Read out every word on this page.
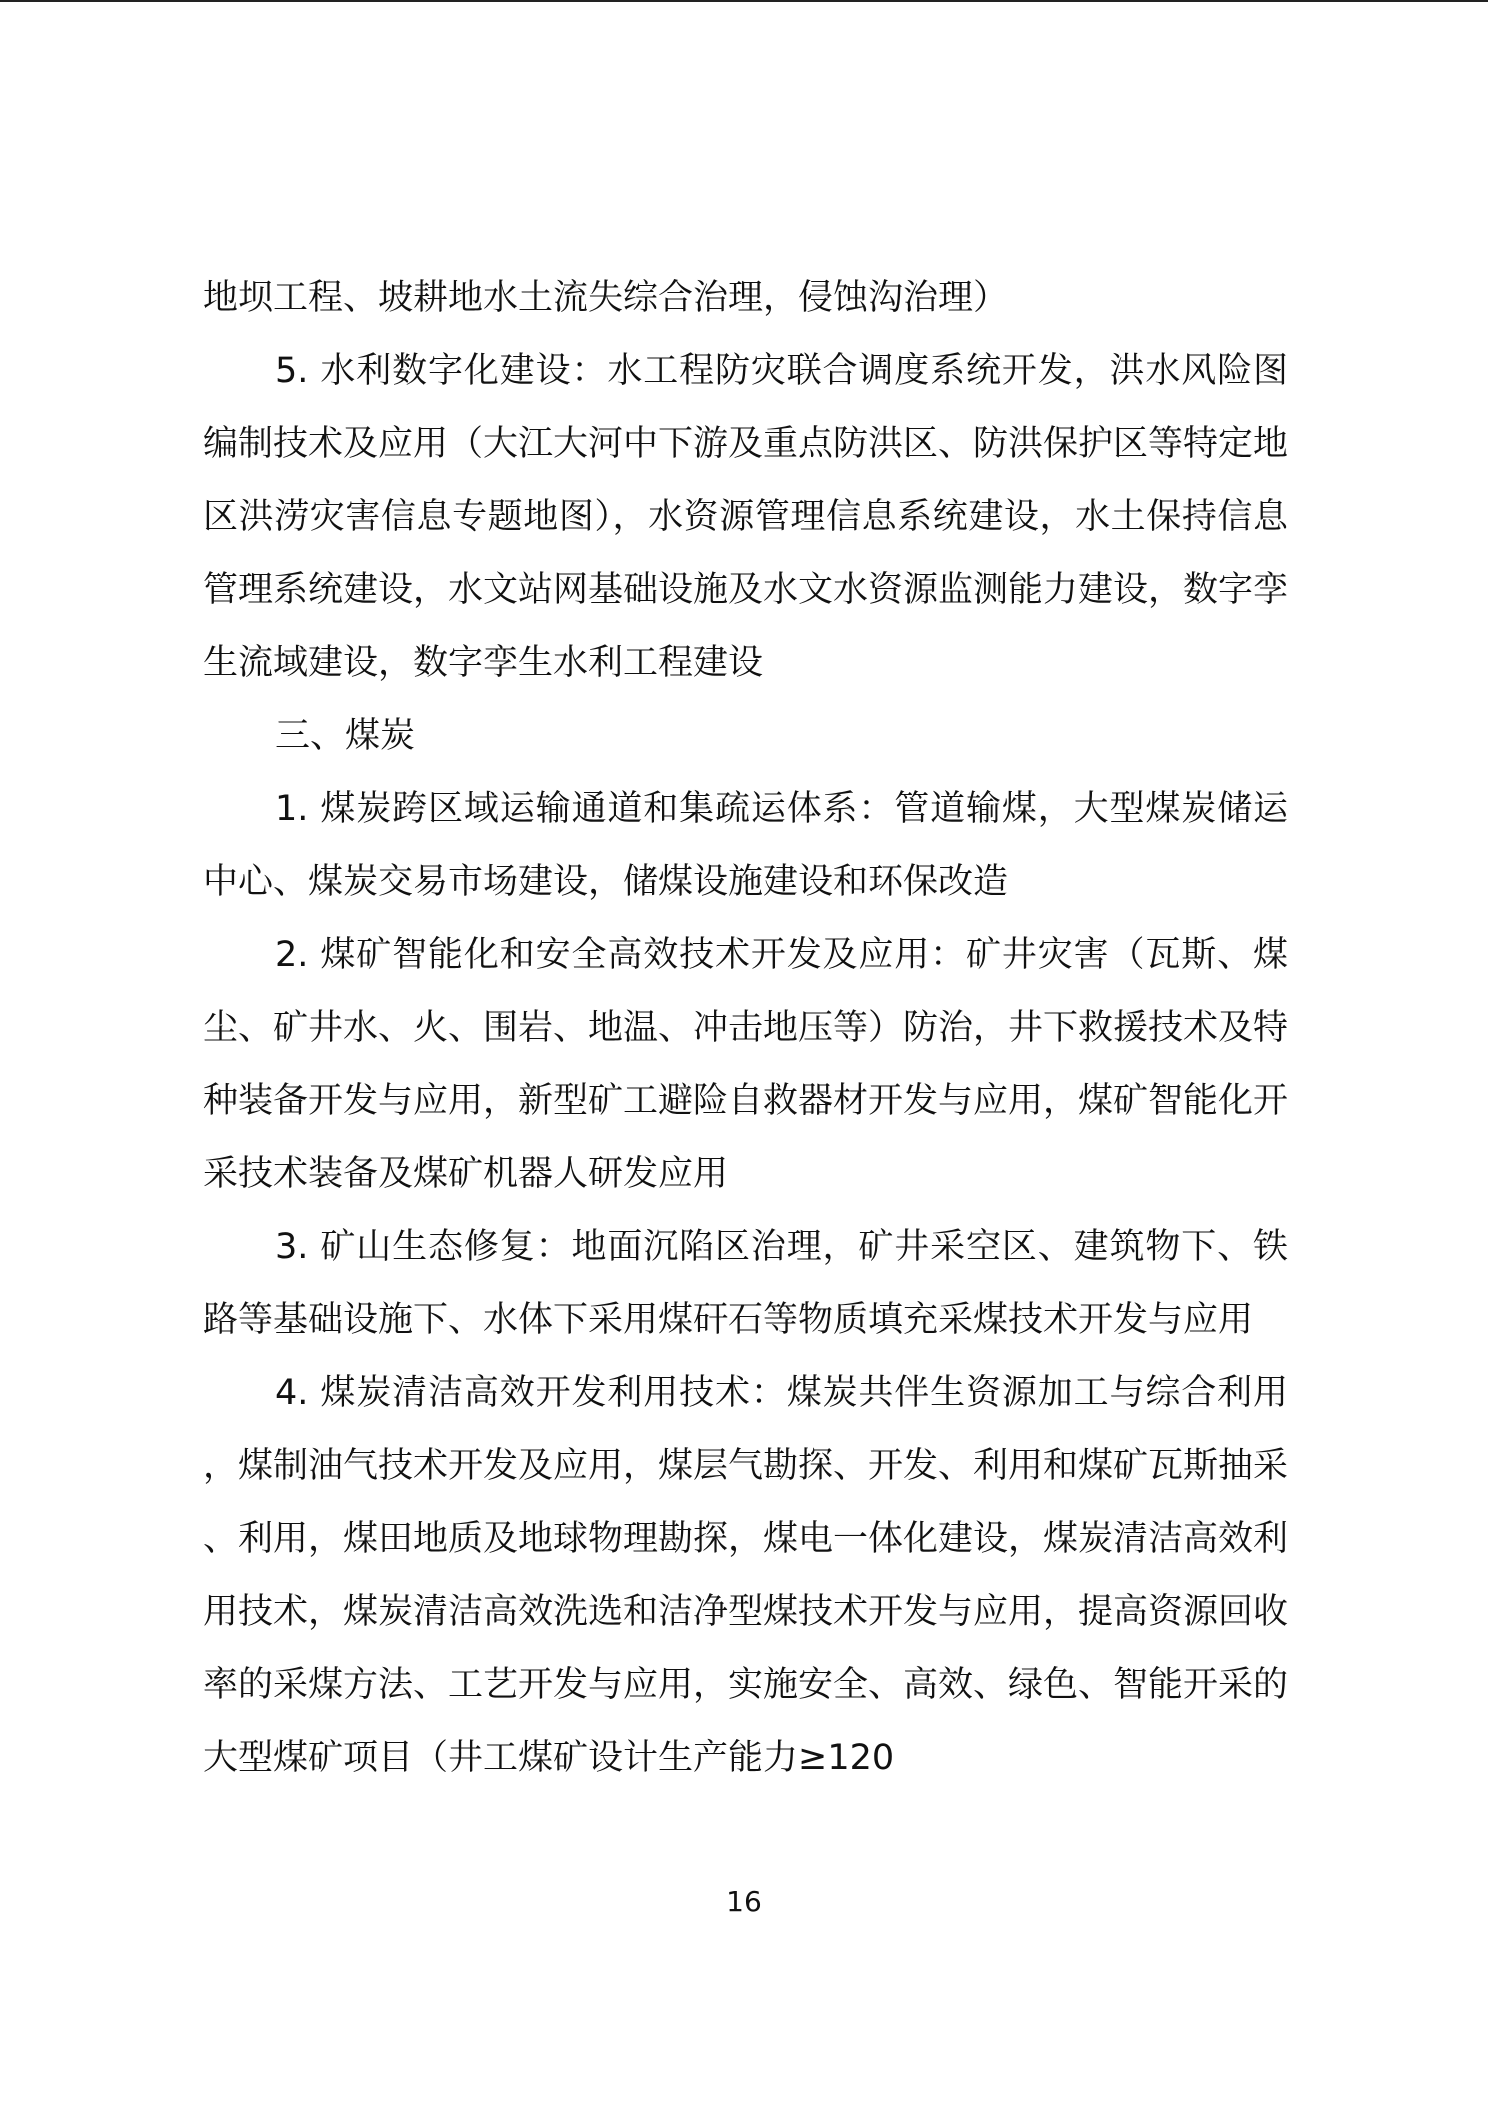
地坝工程、坡耕地水土流失综合治理，侵蚀沟治理）

5. 水利数字化建设：水工程防灾联合调度系统开发，洪水风险图编制技术及应用（大江大河中下游及重点防洪区、防洪保护区等特定地区洪涝灾害信息专题地图），水资源管理信息系统建设，水土保持信息管理系统建设，水文站网基础设施及水文水资源监测能力建设，数字孪生流域建设，数字孪生水利工程建设

三、煤炭

1. 煤炭跨区域运输通道和集疏运体系：管道输煤，大型煤炭储运中心、煤炭交易市场建设，储煤设施建设和环保改造

2. 煤矿智能化和安全高效技术开发及应用：矿井灾害（瓦斯、煤尘、矿井水、火、围岩、地温、冲击地压等）防治，井下救援技术及特种装备开发与应用，新型矿工避险自救器材开发与应用，煤矿智能化开采技术装备及煤矿机器人研发应用

3. 矿山生态修复：地面沉陷区治理，矿井采空区、建筑物下、铁路等基础设施下、水体下采用煤矸石等物质填充采煤技术开发与应用

4. 煤炭清洁高效开发利用技术：煤炭共伴生资源加工与综合利用，煤制油气技术开发及应用，煤层气勘探、开发、利用和煤矿瓦斯抽采、利用，煤田地质及地球物理勘探，煤电一体化建设，煤炭清洁高效利用技术，煤炭清洁高效洗选和洁净型煤技术开发与应用，提高资源回收率的采煤方法、工艺开发与应用，实施安全、高效、绿色、智能开采的大型煤矿项目（井工煤矿设计生产能力≥120

16
